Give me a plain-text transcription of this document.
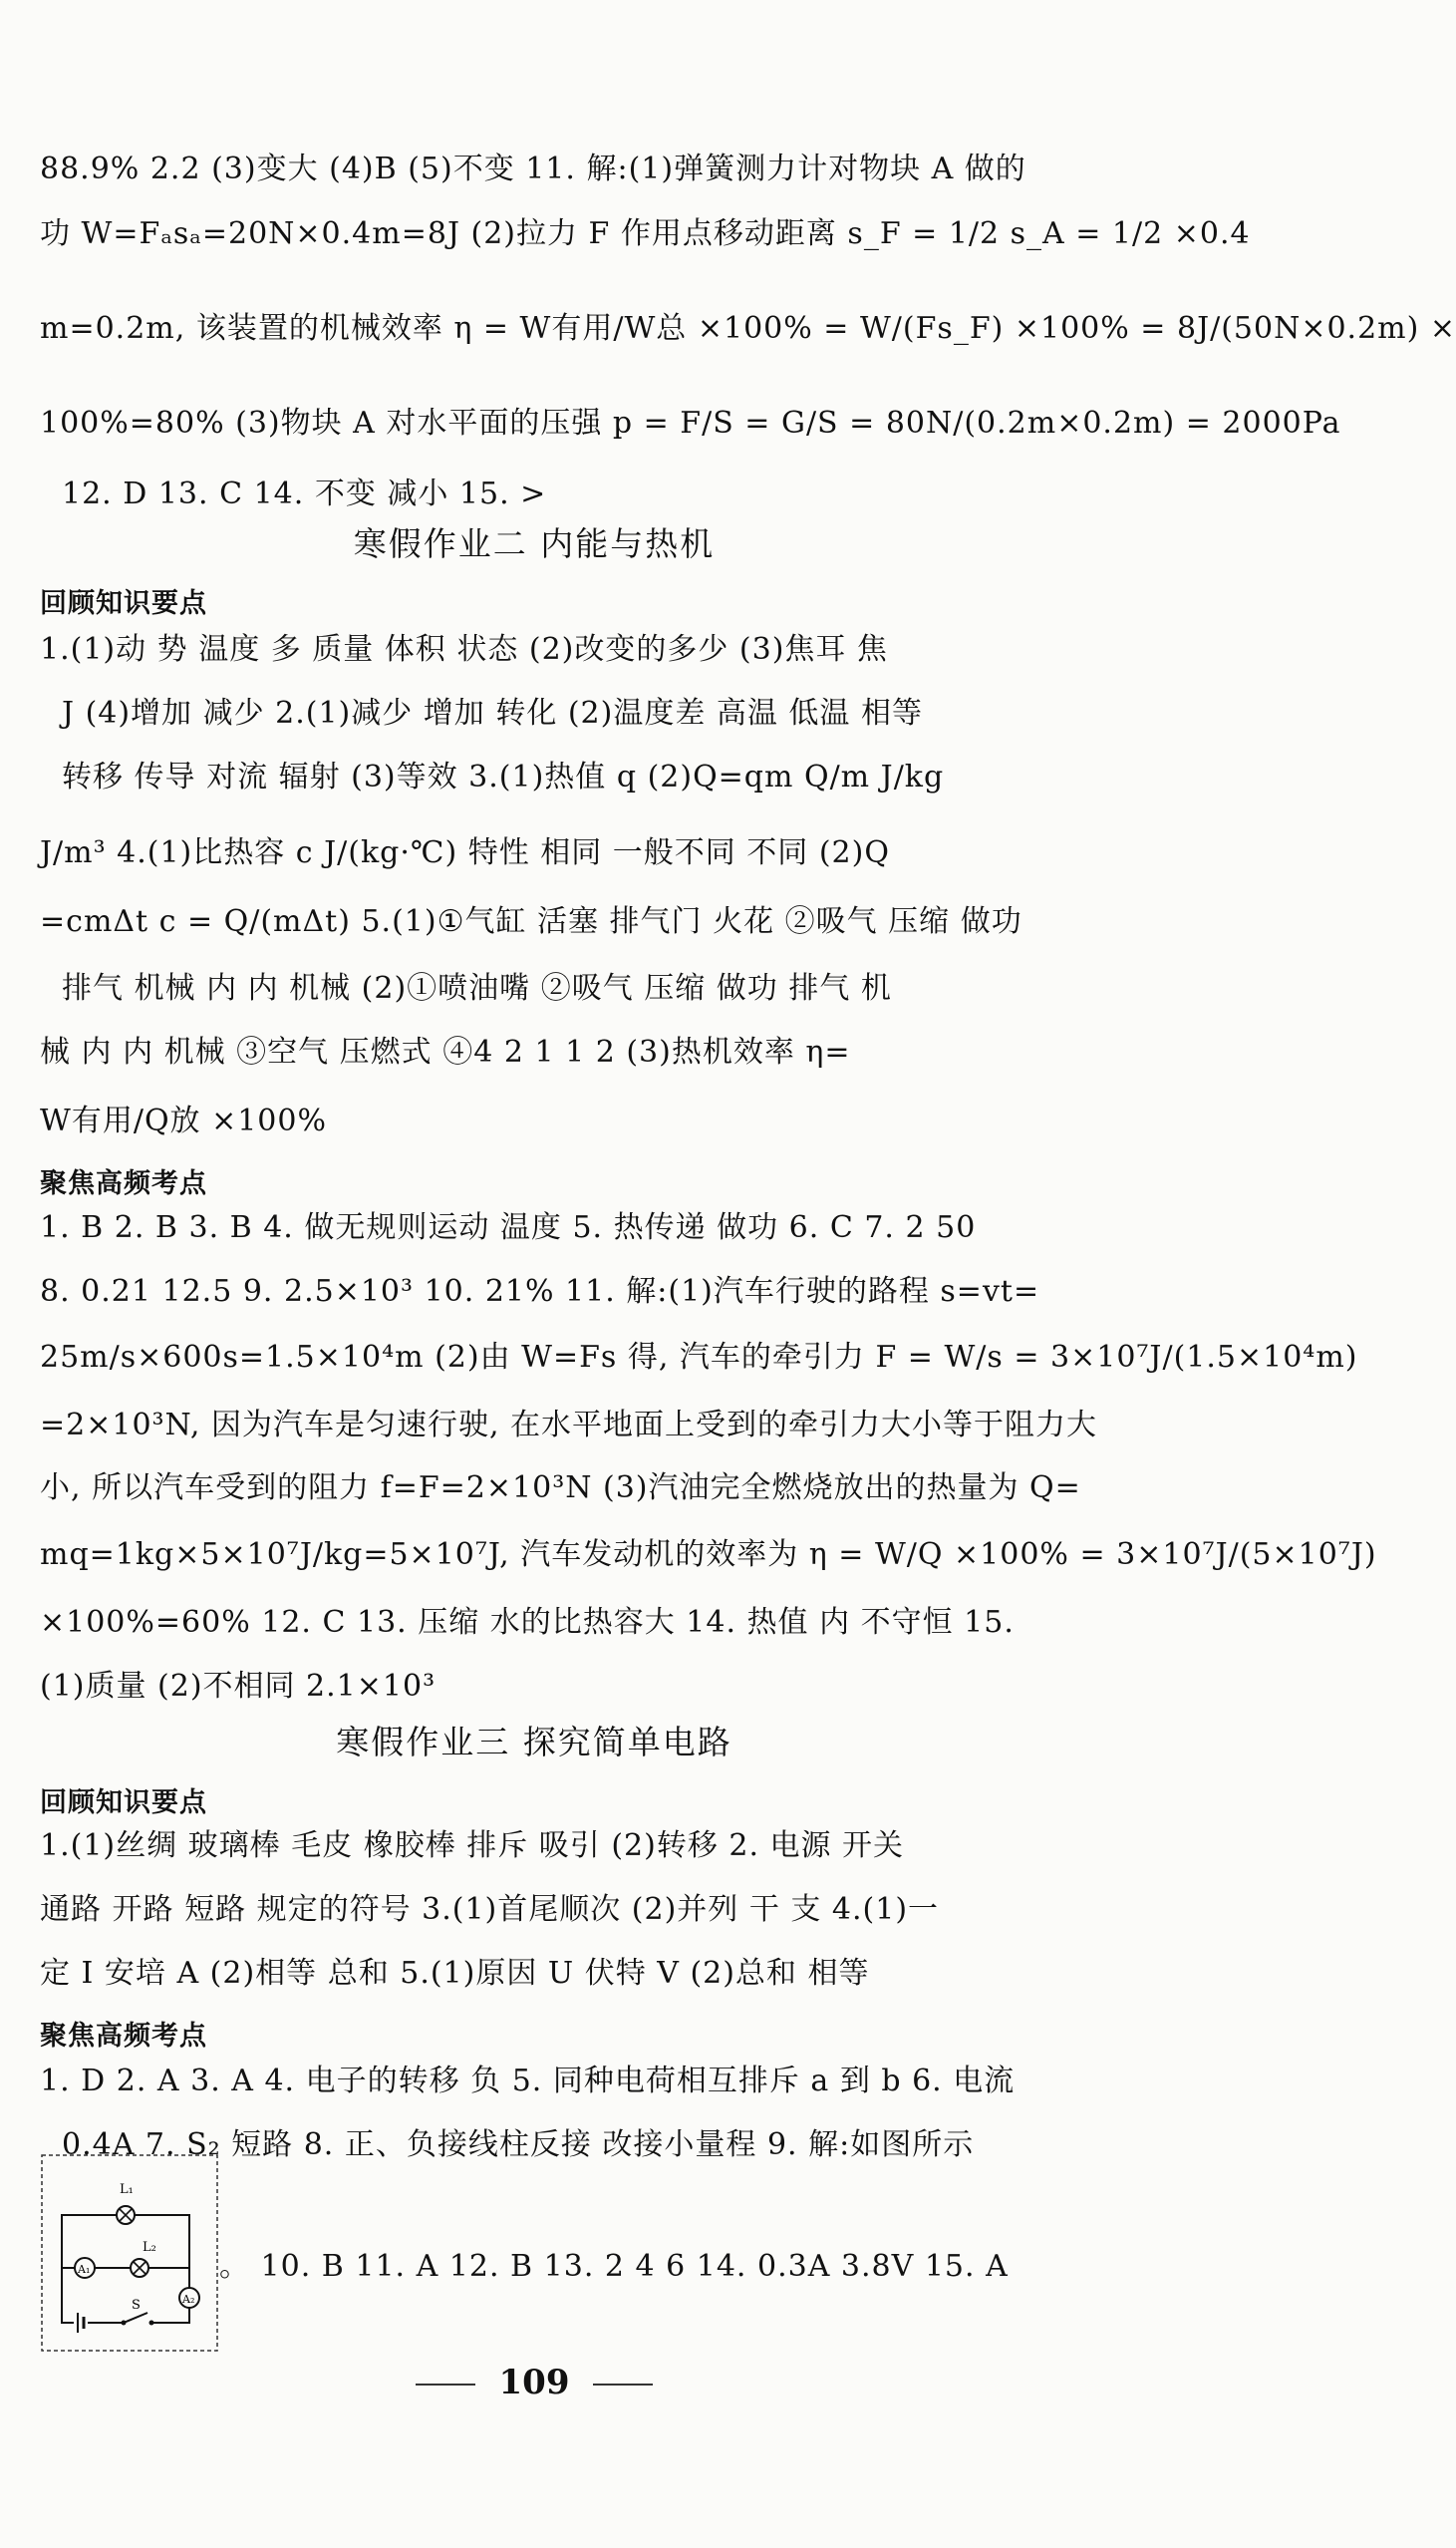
88.9% 2.2 (3)变大 (4)B (5)不变 11. 解:(1)弹簧测力计对物块 A 做的
功 W=Fₐsₐ=20N×0.4m=8J (2)拉力 F 作用点移动距离 s_F = 1/2 s_A = 1/2 ×0.4
m=0.2m, 该装置的机械效率 η = W有用/W总 ×100% = W/(Fs_F) ×100% = 8J/(50N×0.2m) ×
100%=80% (3)物块 A 对水平面的压强 p = F/S = G/S = 80N/(0.2m×0.2m) = 2000Pa
12. D 13. C 14. 不变 减小 15. >
寒假作业二 内能与热机
回顾知识要点
1.(1)动 势 温度 多 质量 体积 状态 (2)改变的多少 (3)焦耳 焦
J (4)增加 减少 2.(1)减少 增加 转化 (2)温度差 高温 低温 相等
转移 传导 对流 辐射 (3)等效 3.(1)热值 q (2)Q=qm Q/m J/kg
J/m³ 4.(1)比热容 c J/(kg·℃) 特性 相同 一般不同 不同 (2)Q
=cmΔt c = Q/(mΔt) 5.(1)①气缸 活塞 排气门 火花 ②吸气 压缩 做功
排气 机械 内 内 机械 (2)①喷油嘴 ②吸气 压缩 做功 排气 机
械 内 内 机械 ③空气 压燃式 ④4 2 1 1 2 (3)热机效率 η=
W有用/Q放 ×100%
聚焦高频考点
1. B 2. B 3. B 4. 做无规则运动 温度 5. 热传递 做功 6. C 7. 2 50
8. 0.21 12.5 9. 2.5×10³ 10. 21% 11. 解:(1)汽车行驶的路程 s=vt=
25m/s×600s=1.5×10⁴m (2)由 W=Fs 得, 汽车的牵引力 F = W/s = 3×10⁷J/(1.5×10⁴m)
=2×10³N, 因为汽车是匀速行驶, 在水平地面上受到的牵引力大小等于阻力大
小, 所以汽车受到的阻力 f=F=2×10³N (3)汽油完全燃烧放出的热量为 Q=
mq=1kg×5×10⁷J/kg=5×10⁷J, 汽车发动机的效率为 η = W/Q ×100% = 3×10⁷J/(5×10⁷J)
×100%=60% 12. C 13. 压缩 水的比热容大 14. 热值 内 不守恒 15.
(1)质量 (2)不相同 2.1×10³
寒假作业三 探究简单电路
回顾知识要点
1.(1)丝绸 玻璃棒 毛皮 橡胶棒 排斥 吸引 (2)转移 2. 电源 开关
通路 开路 短路 规定的符号 3.(1)首尾顺次 (2)并列 干 支 4.(1)一
定 I 安培 A (2)相等 总和 5.(1)原因 U 伏特 V (2)总和 相等
聚焦高频考点
1. D 2. A 3. A 4. 电子的转移 负 5. 同种电荷相互排斥 a 到 b 6. 电流
0.4A 7. S₂ 短路 8. 正、负接线柱反接 改接小量程 9. 解:如图所示
L₁
A₁
L₂
A₂
S
。 10. B 11. A 12. B 13. 2 4 6 14. 0.3A 3.8V 15. A
109
